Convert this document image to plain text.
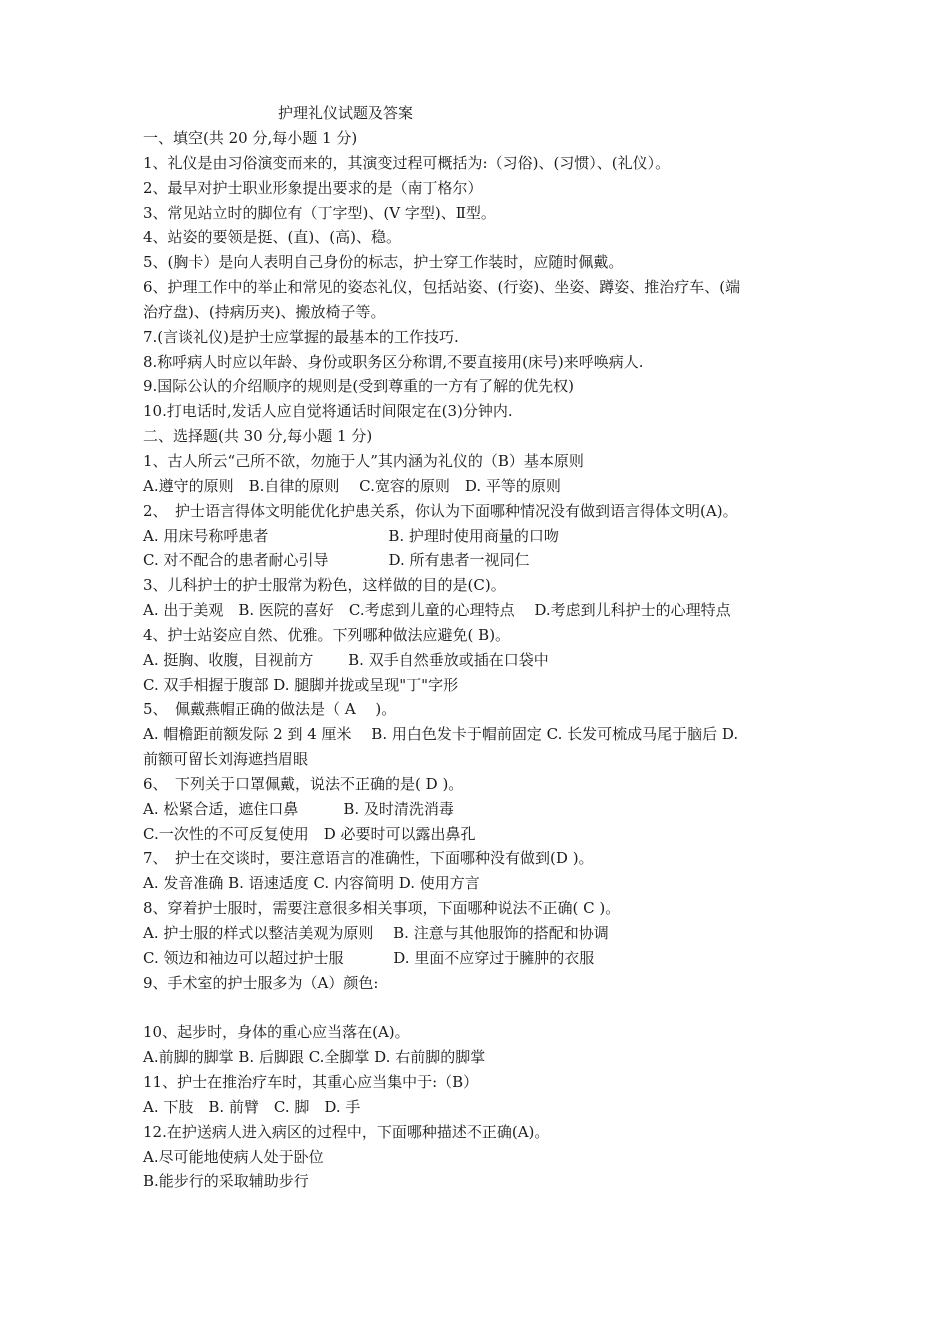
护理礼仪试题及答案
一、填空(共 20 分,每小题 1 分)
1、礼仪是由习俗演变而来的，其演变过程可概括为:（习俗)、(习惯）、(礼仪）。
2、最早对护士职业形象提出要求的是（南丁格尔）
3、常见站立时的脚位有（丁字型)、(V 字型)、Ⅱ型。
4、站姿的要领是挺、(直)、(高)、稳。
5、(胸卡）是向人表明自己身份的标志，护士穿工作装时，应随时佩戴。
6、护理工作中的举止和常见的姿态礼仪，包括站姿、(行姿)、坐姿、蹲姿、推治疗车、(端
治疗盘)、(持病历夹)、搬放椅子等。
7.(言谈礼仪)是护士应掌握的最基本的工作技巧.
8.称呼病人时应以年龄、身份或职务区分称谓,不要直接用(床号)来呼唤病人.
9.国际公认的介绍顺序的规则是(受到尊重的一方有了解的优先权)
10.打电话时,发话人应自觉将通话时间限定在(3)分钟内.
二、选择题(共 30 分,每小题 1 分)
1、古人所云“己所不欲，勿施于人”其内涵为礼仪的（B）基本原则
A.遵守的原则　B.自律的原则　 C.宽容的原则　D. 平等的原则
2、　护士语言得体文明能优化护患关系，你认为下面哪种情况没有做到语言得体文明(A)。
A. 用床号称呼患者　　　　　　　　B. 护理时使用商量的口吻
C. 对不配合的患者耐心引导　　　　D. 所有患者一视同仁
3、儿科护士的护士服常为粉色，这样做的目的是(C)。
A. 出于美观　B. 医院的喜好　C.考虑到儿童的心理特点　 D.考虑到儿科护士的心理特点
4、护士站姿应自然、优雅。下列哪种做法应避免( B)。
A. 挺胸、收腹，目视前方　　 B. 双手自然垂放或插在口袋中
C. 双手相握于腹部 D. 腿脚并拢或呈现"丁"字形
5、　佩戴燕帽正确的做法是（ A　 )。
A. 帽檐距前额发际 2 到 4 厘米　 B. 用白色发卡于帽前固定 C. 长发可梳成马尾于脑后 D.
前额可留长刘海遮挡眉眼
6、　下列关于口罩佩戴，说法不正确的是( D )。
A. 松紧合适，遮住口鼻　　　B. 及时清洗消毒
C.一次性的不可反复使用　D 必要时可以露出鼻孔
7、　护士在交谈时，要注意语言的准确性，下面哪种没有做到(D )。
A. 发音准确 B. 语速适度 C. 内容简明 D. 使用方言
8、穿着护士服时，需要注意很多相关事项，下面哪种说法不正确( C )。
A. 护士服的样式以整洁美观为原则　 B. 注意与其他服饰的搭配和协调
C. 领边和袖边可以超过护士服　　　 D. 里面不应穿过于臃肿的衣服
9、手术室的护士服多为（A）颜色:
10、起步时，身体的重心应当落在(A)。
A.前脚的脚掌 B. 后脚跟 C.全脚掌 D. 右前脚的脚掌
11、护士在推治疗车时，其重心应当集中于:（B）
A. 下肢　B. 前臂　C. 脚　D. 手
12.在护送病人进入病区的过程中，下面哪种描述不正确(A)。
A.尽可能地使病人处于卧位
B.能步行的采取辅助步行
